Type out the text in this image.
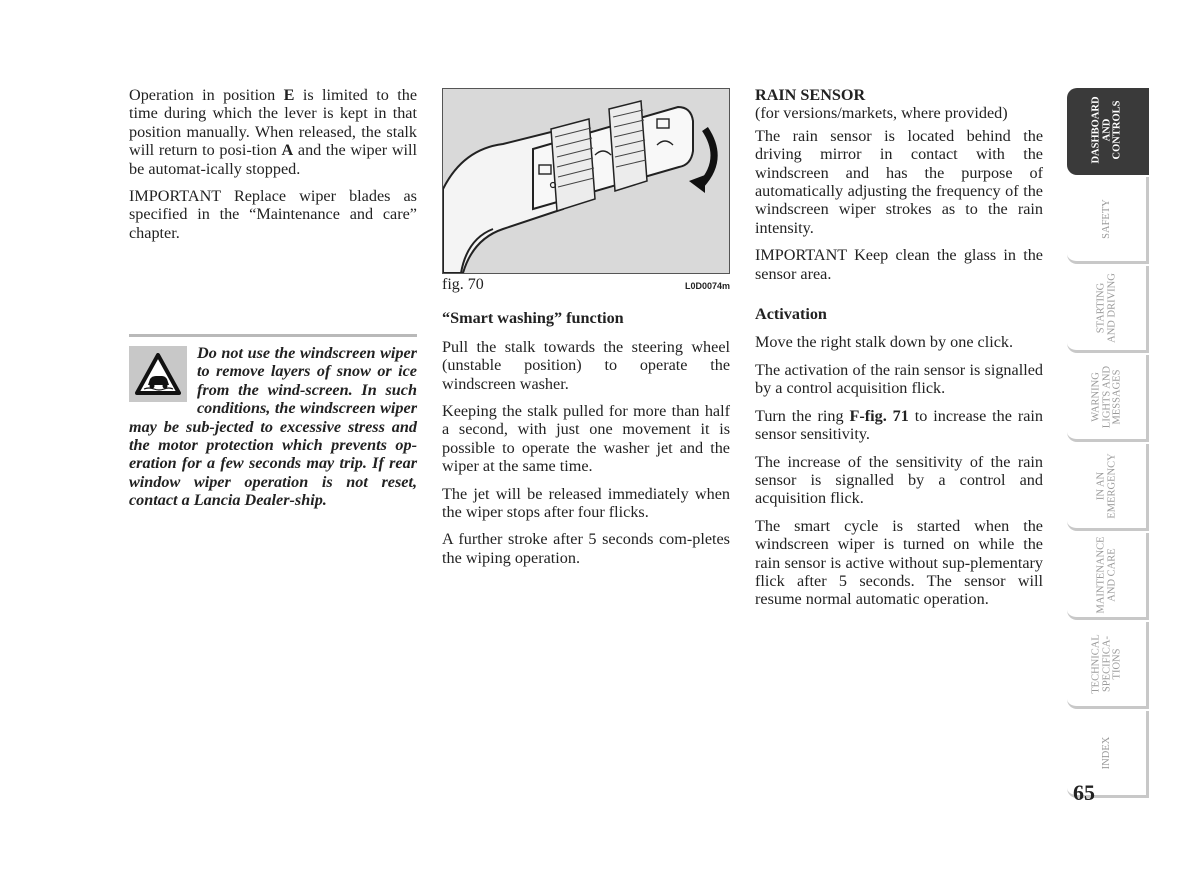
Operation in position E is limited to the time during which the lever is kept in that position manually. When released, the stalk will return to posi-tion A and the wiper will be automat-ically stopped.

IMPORTANT Replace wiper blades as specified in the “Maintenance and care” chapter.

Do not use the windscreen wiper to remove layers of snow or ice from the wind-screen. In such conditions, the windscreen wiper may be sub-jected to excessive stress and the motor protection which prevents op-eration for a few seconds may trip. If rear window wiper operation is not reset, contact a Lancia Dealer-ship.
fig. 70	L0D0074m
“Smart washing” function

Pull the stalk towards the steering wheel (unstable position) to operate the windscreen washer.

Keeping the stalk pulled for more than half a second, with just one movement it is possible to operate the washer jet and the wiper at the same time.

The jet will be released immediately when the wiper stops after four flicks.

A further stroke after 5 seconds com-pletes the wiping operation.

RAIN SENSOR

(for versions/markets, where provided)

The rain sensor is located behind the driving mirror in contact with the windscreen and has the purpose of automatically adjusting the frequency of the windscreen wiper strokes as to the rain intensity.

IMPORTANT Keep clean the glass in the sensor area.

Activation

Move the right stalk down by one click.

The activation of the rain sensor is signalled by a control acquisition flick.

Turn the ring F-fig. 71 to increase the rain sensor sensitivity.

The increase of the sensitivity of the rain sensor is signalled by a control and acquisition flick.

The smart cycle is started when the windscreen wiper is turned on while the rain sensor is active without sup-plementary flick after 5 seconds. The sensor will resume normal automatic operation.

DASHBOARD
AND
CONTROLS
SAFETY
STARTING
AND DRIVING
WARNING
LIGHTS AND
MESSAGES
IN AN
EMERGENCY
MAINTENANCE
AND CARE
TECHNICAL
SPECIFICA-
TIONS
INDEX
65
